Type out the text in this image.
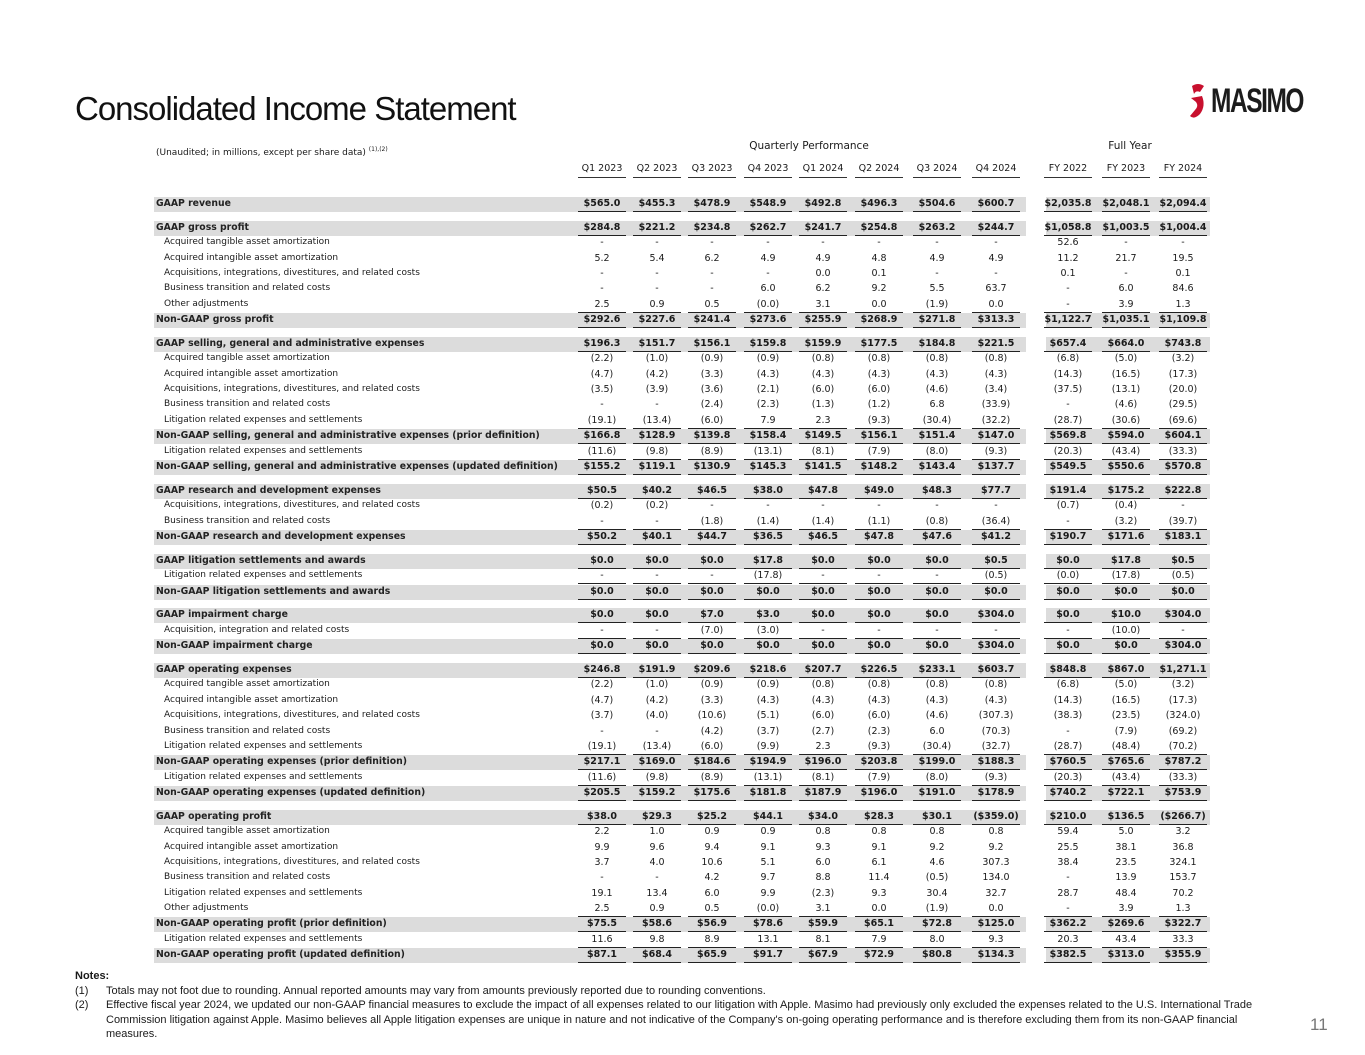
Consolidated Income Statement	MASIMO
Quarterly Performance	Full Year
(Unaudited; in millions, except per share data) $^{(1),(2)}$
Q1 2023	Q2 2023	Q3 2023	Q4 2023	Q1 2024	Q2 2024	Q3 2024	Q4 2024	FY 2022	FY 2023	FY 2024
GAAP revenue	$565.0	$455.3	$478.9	$548.9	$492.8	$496.3	$504.6	$600.7	$2,035.8 $2,048.1 $2,094.4
GAAP gross profit	$284.8	$221.2	$234.8	$262.7	$241.7	$254.8	$263.2	$244.7	$1,058.8 $1,003.5 $1,004.4
Acquired tangible asset amortization	-	-	-	-	-	-	-	-	52.6	-	-
Acquired intangible asset amortization	5.2	5.4	6.2	4.9	4.9	4.8	4.9	4.9	11.2	21.7	19.5
Acquisitions, integrations, divestitures, and related costs	-	-	-	-	0.0	0.1	-	-	0.1	-	0.1
Business transition and related costs	-	-	-	6.0	6.2	9.2	5.5	63.7	-	6.0	84.6
Other adjustments	2.5	0.9	0.5	(0.0)	3.1	0.0	(1.9)	0.0	-	3.9	1.3
Non-GAAP gross profit	$292.6	$227.6	$241.4	$273.6	$255.9	$268.9	$271.8	$313.3	$1,122.7 $1,035.1 $1,109.8
GAAP selling, general and administrative expenses	$196.3	$151.7	$156.1	$159.8	$159.9	$177.5	$184.8	$221.5	$657.4	$664.0	$743.8
Acquired tangible asset amortization	(2.2)	(1.0)	(0.9)	(0.9)	(0.8)	(0.8)	(0.8)	(0.8)	(6.8)	(5.0)	(3.2)
Acquired intangible asset amortization	(4.7)	(4.2)	(3.3)	(4.3)	(4.3)	(4.3)	(4.3)	(4.3)	(14.3)	(16.5)	(17.3)
Acquisitions, integrations, divestitures, and related costs	(3.5)	(3.9)	(3.6)	(2.1)	(6.0)	(6.0)	(4.6)	(3.4)	(37.5)	(13.1)	(20.0)
Business transition and related costs	-	-	(2.4)	(2.3)	(1.3)	(1.2)	6.8	(33.9)	-	(4.6)	(29.5)
Litigation related expenses and settlements	(19.1)	(13.4)	(6.0)	7.9	2.3	(9.3)	(30.4)	(32.2)	(28.7)	(30.6)	(69.6)
Non-GAAP selling, general and administrative expenses (prior definition)	$166.8	$128.9	$139.8	$158.4	$149.5	$156.1	$151.4	$147.0	$569.8	$594.0	$604.1
Litigation related expenses and settlements	(11.6)	(9.8)	(8.9)	(13.1)	(8.1)	(7.9)	(8.0)	(9.3)	(20.3)	(43.4)	(33.3)
Non-GAAP selling, general and administrative expenses (updated definition)	$155.2	$119.1	$130.9	$145.3	$141.5	$148.2	$143.4	$137.7	$549.5	$550.6	$570.8
GAAP research and development expenses	$50.5	$40.2	$46.5	$38.0	$47.8	$49.0	$48.3	$77.7	$191.4	$175.2	$222.8
Acquisitions, integrations, divestitures, and related costs	(0.2)	(0.2)	-	-	-	-	-	-	(0.7)	(0.4)	-
Business transition and related costs	-	-	(1.8)	(1.4)	(1.4)	(1.1)	(0.8)	(36.4)	-	(3.2)	(39.7)
Non-GAAP research and development expenses	$50.2	$40.1	$44.7	$36.5	$46.5	$47.8	$47.6	$41.2	$190.7	$171.6	$183.1
GAAP litigation settlements and awards	$0.0	$0.0	$0.0	$17.8	$0.0	$0.0	$0.0	$0.5	$0.0	$17.8	$0.5
Litigation related expenses and settlements	-	-	-	(17.8)	-	-	-	(0.5)	(0.0)	(17.8)	(0.5)
Non-GAAP litigation settlements and awards	$0.0	$0.0	$0.0	$0.0	$0.0	$0.0	$0.0	$0.0	$0.0	$0.0	$0.0
GAAP impairment charge	$0.0	$0.0	$7.0	$3.0	$0.0	$0.0	$0.0	$304.0	$0.0	$10.0	$304.0
Acquisition, integration and related costs	-	-	(7.0)	(3.0)	-	-	-	-	-	(10.0)	-
Non-GAAP impairment charge	$0.0	$0.0	$0.0	$0.0	$0.0	$0.0	$0.0	$304.0	$0.0	$0.0	$304.0
GAAP operating expenses	$246.8	$191.9	$209.6	$218.6	$207.7	$226.5	$233.1	$603.7	$848.8	$867.0	$1,271.1
Acquired tangible asset amortization	(2.2)	(1.0)	(0.9)	(0.9)	(0.8)	(0.8)	(0.8)	(0.8)	(6.8)	(5.0)	(3.2)
Acquired intangible asset amortization	(4.7)	(4.2)	(3.3)	(4.3)	(4.3)	(4.3)	(4.3)	(4.3)	(14.3)	(16.5)	(17.3)
Acquisitions, integrations, divestitures, and related costs	(3.7)	(4.0)	(10.6)	(5.1)	(6.0)	(6.0)	(4.6)	(307.3)	(38.3)	(23.5)	(324.0)
Business transition and related costs	-	-	(4.2)	(3.7)	(2.7)	(2.3)	6.0	(70.3)	-	(7.9)	(69.2)
Litigation related expenses and settlements	(19.1)	(13.4)	(6.0)	(9.9)	2.3	(9.3)	(30.4)	(32.7)	(28.7)	(48.4)	(70.2)
Non-GAAP operating expenses (prior definition)	$217.1	$169.0	$184.6	$194.9	$196.0	$203.8	$199.0	$188.3	$760.5	$765.6	$787.2
Litigation related expenses and settlements	(11.6)	(9.8)	(8.9)	(13.1)	(8.1)	(7.9)	(8.0)	(9.3)	(20.3)	(43.4)	(33.3)
Non-GAAP operating expenses (updated definition)	$205.5	$159.2	$175.6	$181.8	$187.9	$196.0	$191.0	$178.9	$740.2	$722.1	$753.9
GAAP operating profit	$38.0	$29.3	$25.2	$44.1	$34.0	$28.3	$30.1	($359.0)	$210.0	$136.5	($266.7)
Acquired tangible asset amortization	2.2	1.0	0.9	0.9	0.8	0.8	0.8	0.8	59.4	5.0	3.2
Acquired intangible asset amortization	9.9	9.6	9.4	9.1	9.3	9.1	9.2	9.2	25.5	38.1	36.8
Acquisitions, integrations, divestitures, and related costs	3.7	4.0	10.6	5.1	6.0	6.1	4.6	307.3	38.4	23.5	324.1
Business transition and related costs	-	-	4.2	9.7	8.8	11.4	(0.5)	134.0	-	13.9	153.7
Litigation related expenses and settlements	19.1	13.4	6.0	9.9	(2.3)	9.3	30.4	32.7	28.7	48.4	70.2
Other adjustments	2.5	0.9	0.5	(0.0)	3.1	0.0	(1.9)	0.0	-	3.9	1.3
Non-GAAP operating profit (prior definition)	$75.5	$58.6	$56.9	$78.6	$59.9	$65.1	$72.8	$125.0	$362.2	$269.6	$322.7
Litigation related expenses and settlements	11.6	9.8	8.9	13.1	8.1	7.9	8.0	9.3	20.3	43.4	33.3
Non-GAAP operating profit (updated definition)	$87.1	$68.4	$65.9	$91.7	$67.9	$72.9	$80.8	$134.3	$382.5	$313.0	$355.9
Notes:
(1) Totals may not foot due to rounding. Annual reported amounts may vary from amounts previously reported due to rounding conventions.
(2) Effective fiscal year 2024, we updated our non-GAAP financial measures to exclude the impact of all expenses related to our litigation with Apple. Masimo had previously only excluded the expenses related to the U.S. International Trade Commission litigation against Apple. Masimo believes all Apple litigation expenses are unique in nature and not indicative of the Company's on-going operating performance and is therefore excluding them from its non-GAAP financial measures.	11
